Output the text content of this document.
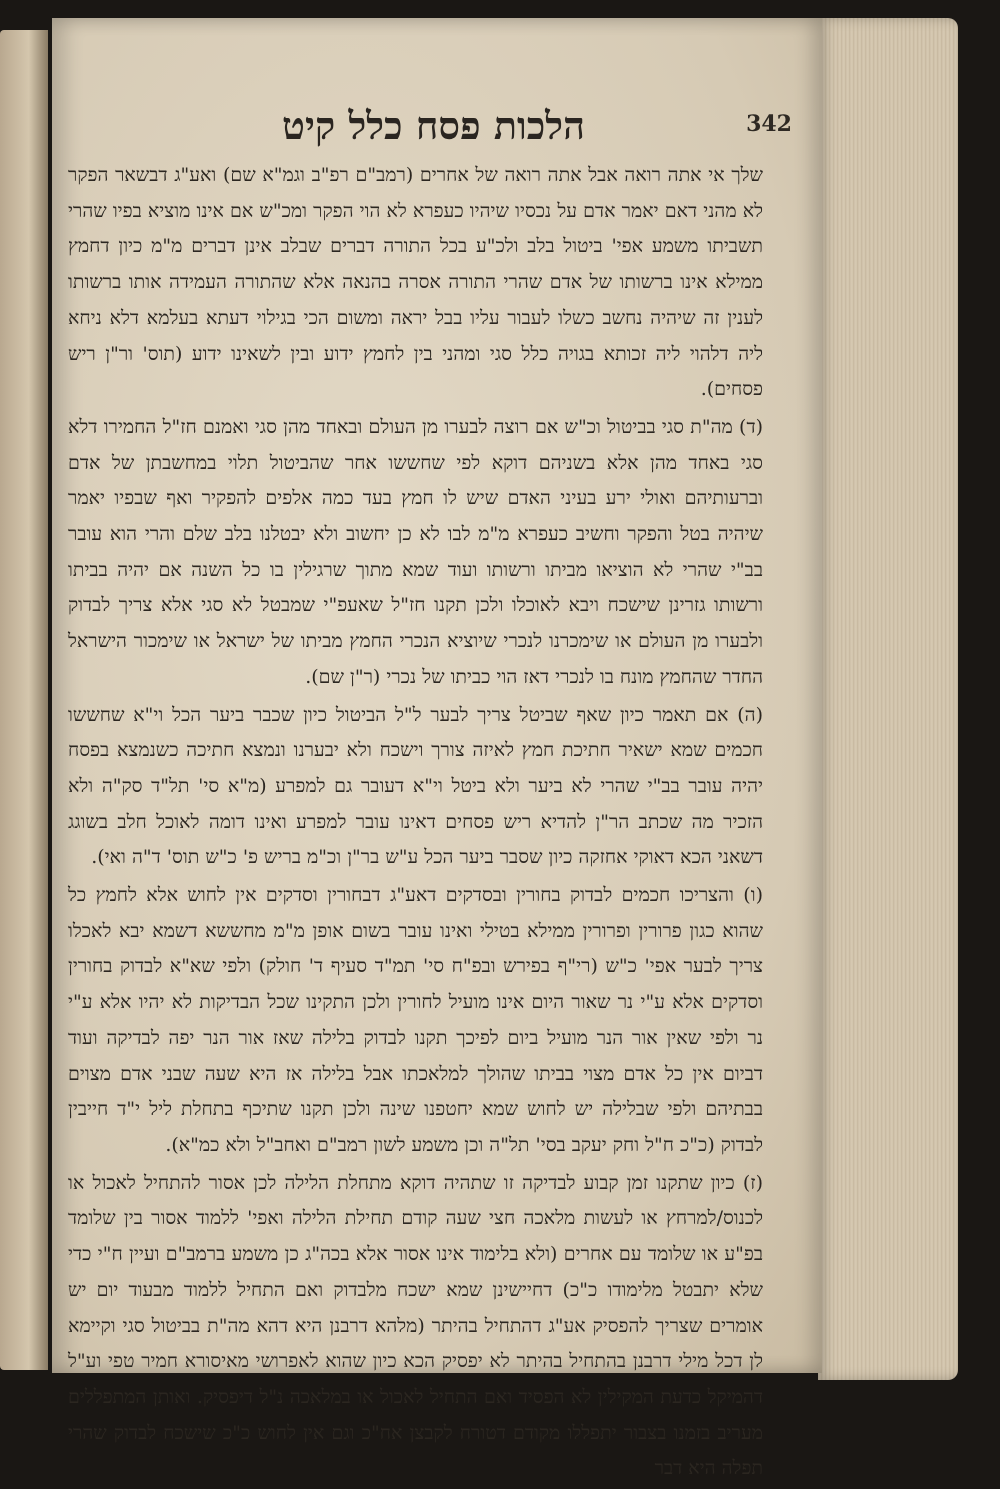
הלכות פסח כלל קיט	342

שלך אי אתה רואה אבל אתה רואה של אחרים (רמב"ם רפ"ב וגמ"א שם) ואע"ג דבשאר הפקר לא מהני דאם יאמר אדם על נכסיו שיהיו כעפרא לא הוי הפקר ומכ"ש אם אינו מוציא בפיו שהרי תשביתו משמע אפי' ביטול בלב ולכ"ע בכל התורה דברים שבלב אינן דברים מ"מ כיון דחמץ ממילא אינו ברשותו של אדם שהרי התורה אסרה בהנאה אלא שהתורה העמידה אותו ברשותו לענין זה שיהיה נחשב כשלו לעבור עליו בבל יראה ומשום הכי בגילוי דעתא בעלמא דלא ניחא ליה דלהוי ליה זכותא בגויה כלל סגי ומהני בין לחמץ ידוע ובין לשאינו ידוע (תוס' ור"ן ריש פסחים).

(ד) מה"ת סגי בביטול וכ"ש אם רוצה לבערו מן העולם ובאחד מהן סגי ואמנם חז"ל החמירו דלא סגי באחד מהן אלא בשניהם דוקא לפי שחששו אחר שהביטול תלוי במחשבתן של אדם וברעותיהם ואולי ירע בעיני האדם שיש לו חמץ בעד כמה אלפים להפקיר ואף שבפיו יאמר שיהיה בטל והפקר וחשיב כעפרא מ"מ לבו לא כן יחשוב ולא יבטלנו בלב שלם והרי הוא עובר בב"י שהרי לא הוציאו מביתו ורשותו ועוד שמא מתוך שרגילין בו כל השנה אם יהיה בביתו ורשותו גזרינן שישכח ויבא לאוכלו ולכן תקנו חז"ל שאעפ"י שמבטל לא סגי אלא צריך לבדוק ולבערו מן העולם או שימכרנו לנכרי שיוציא הנכרי החמץ מביתו של ישראל או שימכור הישראל החדר שהחמץ מונח בו לנכרי דאז הוי כביתו של נכרי (ר"ן שם).

(ה) אם תאמר כיון שאף שביטל צריך לבער ל"ל הביטול כיון שכבר ביער הכל וי"א שחששו חכמים שמא ישאיר חתיכת חמץ לאיזה צורך וישכח ולא יבערנו ונמצא חתיכה כשנמצא בפסח יהיה עובר בב"י שהרי לא ביער ולא ביטל וי"א דעובר גם למפרע (מ"א סי' תל"ד סק"ה ולא הזכיר מה שכתב הר"ן להדיא ריש פסחים דאינו עובר למפרע ואינו דומה לאוכל חלב בשוגג דשאני הכא דאוקי אחזקה כיון שסבר ביער הכל ע"ש בר"ן וכ"מ בריש פ' כ"ש תוס' ד"ה ואי).

(ו) והצריכו חכמים לבדוק בחורין ובסדקים דאע"ג דבחורין וסדקים אין לחוש אלא לחמץ כל שהוא כגון פרורין ופרורין ממילא בטילי ואינו עובר בשום אופן מ"מ מחששא דשמא יבא לאכלו צריך לבער אפי' כ"ש (רי"ף בפירש ובפ"ח סי' תמ"ד סעיף ד' חולק) ולפי שא"א לבדוק בחורין וסדקים אלא ע"י נר שאור היום אינו מועיל לחורין ולכן התקינו שכל הבדיקות לא יהיו אלא ע"י נר ולפי שאין אור הנר מועיל ביום לפיכך תקנו לבדוק בלילה שאז אור הנר יפה לבדיקה ועוד דביום אין כל אדם מצוי בביתו שהולך למלאכתו אבל בלילה אז היא שעה שבני אדם מצוים בבתיהם ולפי שבלילה יש לחוש שמא יחטפנו שינה ולכן תקנו שתיכף בתחלת ליל י"ד חייבין לבדוק (כ"כ ח"ל וחק יעקב בסי' תל"ה וכן משמע לשון רמב"ם ואחב"ל ולא כמ"א).

(ז) כיון שתקנו זמן קבוע לבדיקה זו שתהיה דוקא מתחלת הלילה לכן אסור להתחיל לאכול או לכנוס/למרחץ או לעשות מלאכה חצי שעה קודם תחילת הלילה ואפי' ללמוד אסור בין שלומד בפ"ע או שלומד עם אחרים (ולא בלימוד אינו אסור אלא בכה"ג כן משמע ברמב"ם ועיין ח"י כדי שלא יתבטל מלימודו כ"כ) דחיישינן שמא ישכח מלבדוק ואם התחיל ללמוד מבעוד יום יש אומרים שצריך להפסיק אע"ג דהתחיל בהיתר (מלהא דרבנן היא דהא מה"ת בביטול סגי וקיימא לן דכל מילי דרבנן בהתחיל בהיתר לא יפסיק הכא כיון שהוא לאפרושי מאיסורא חמיר טפי וע"ל דהמיקל כדעת המקילין לא הפסיד ואם התחיל לאכול או במלאכה נ"ל דיפסיק. ואותן המתפללים מעריב בזמנו בצבור יתפללו מקודם דטורח לקבצן אח"כ וגם אין לחוש כ"כ שישכח לבדוק שהרי תפלה היא דבר
